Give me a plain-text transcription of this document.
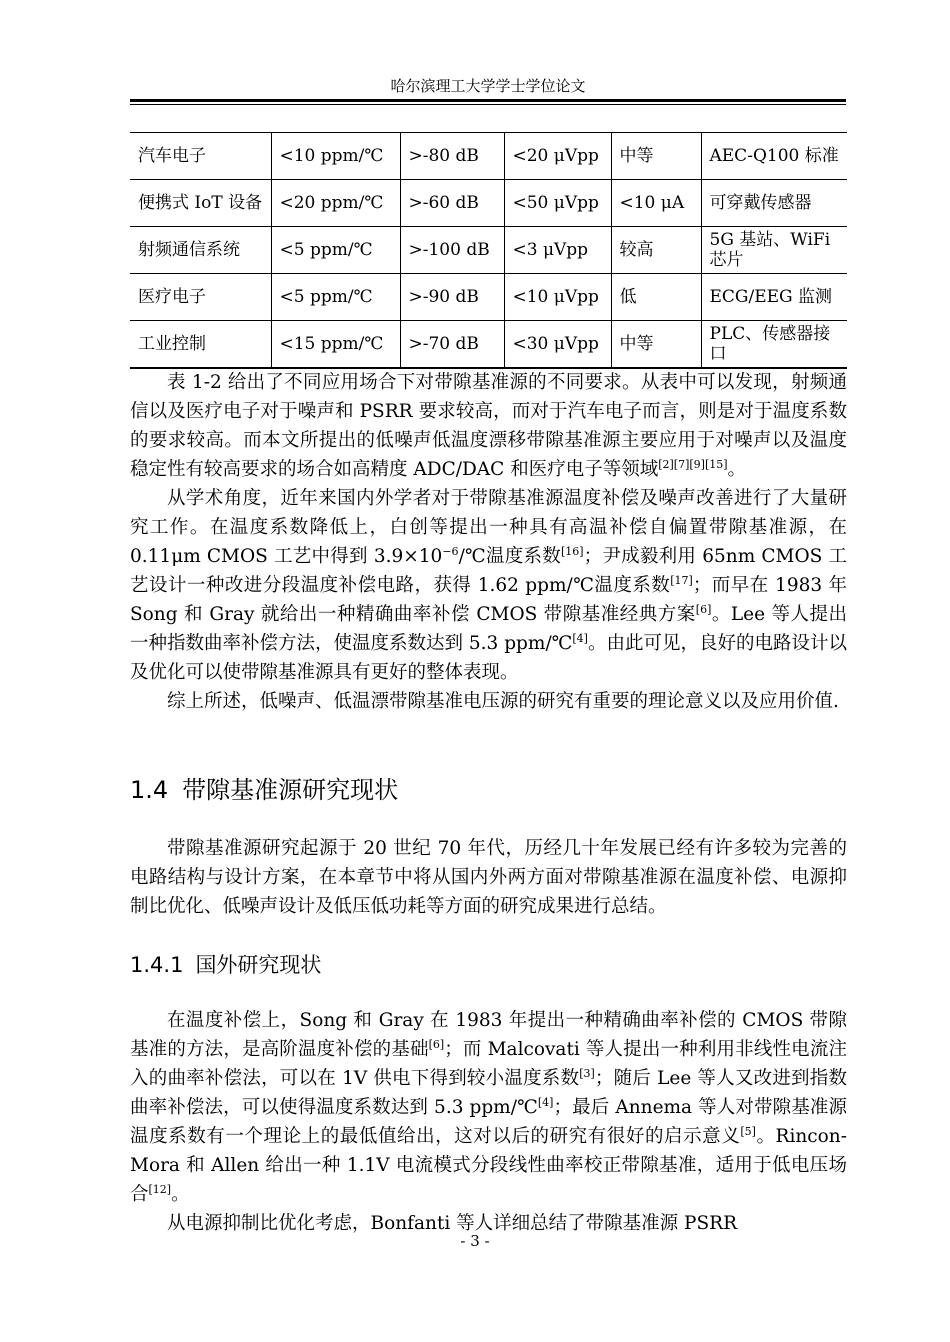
哈尔滨理工大学学士学位论文
汽车电子	<10 ppm/℃	>-80 dB	<20 μVpp	中等	AEC-Q100 标准
便携式 IoT 设备	<20 ppm/℃	>-60 dB	<50 μVpp	<10 μA	可穿戴传感器
射频通信系统	<5 ppm/℃	>-100 dB	<3 μVpp	较高	5G 基站、WiFi 芯片
医疗电子	<5 ppm/℃	>-90 dB	<10 μVpp	低	ECG/EEG 监测
工业控制	<15 ppm/℃	>-70 dB	<30 μVpp	中等	PLC、传感器接口

表 1-2 给出了不同应用场合下对带隙基准源的不同要求。从表中可以发现，射频通信以及医疗电子对于噪声和 PSRR 要求较高，而对于汽车电子而言，则是对于温度系数的要求较高。而本文所提出的低噪声低温度漂移带隙基准源主要应用于对噪声以及温度稳定性有较高要求的场合如高精度 ADC/DAC 和医疗电子等领域[2][7][9][15]。

从学术角度，近年来国内外学者对于带隙基准源温度补偿及噪声改善进行了大量研究工作。在温度系数降低上，白创等提出一种具有高温补偿自偏置带隙基准源，在 0.11μm CMOS 工艺中得到 $3.9\times 10^{-6}/℃$温度系数[16]；尹成毅利用 65nm CMOS 工艺设计一种改进分段温度补偿电路，获得 1.62 ppm/℃温度系数[17]；而早在 1983 年 Song 和 Gray 就给出一种精确曲率补偿 CMOS 带隙基准经典方案[6]。Lee 等人提出一种指数曲率补偿方法，使温度系数达到 5.3 ppm/℃[4]。由此可见，良好的电路设计以及优化可以使带隙基准源具有更好的整体表现。

综上所述，低噪声、低温漂带隙基准电压源的研究有重要的理论意义以及应用价值.

1.4 带隙基准源研究现状

带隙基准源研究起源于 20 世纪 70 年代，历经几十年发展已经有许多较为完善的电路结构与设计方案，在本章节中将从国内外两方面对带隙基准源在温度补偿、电源抑制比优化、低噪声设计及低压低功耗等方面的研究成果进行总结。

1.4.1 国外研究现状

在温度补偿上，Song 和 Gray 在 1983 年提出一种精确曲率补偿的 CMOS 带隙基准的方法，是高阶温度补偿的基础[6]；而 Malcovati 等人提出一种利用非线性电流注入的曲率补偿法，可以在 1V 供电下得到较小温度系数[3]；随后 Lee 等人又改进到指数曲率补偿法，可以使得温度系数达到 5.3 ppm/℃[4]；最后 Annema 等人对带隙基准源温度系数有一个理论上的最低值给出，这对以后的研究有很好的启示意义[5]。Rincon-Mora 和 Allen 给出一种 1.1V 电流模式分段线性曲率校正带隙基准，适用于低电压场合[12]。

从电源抑制比优化考虑，Bonfanti 等人详细总结了带隙基准源 PSRR

- 3 -
